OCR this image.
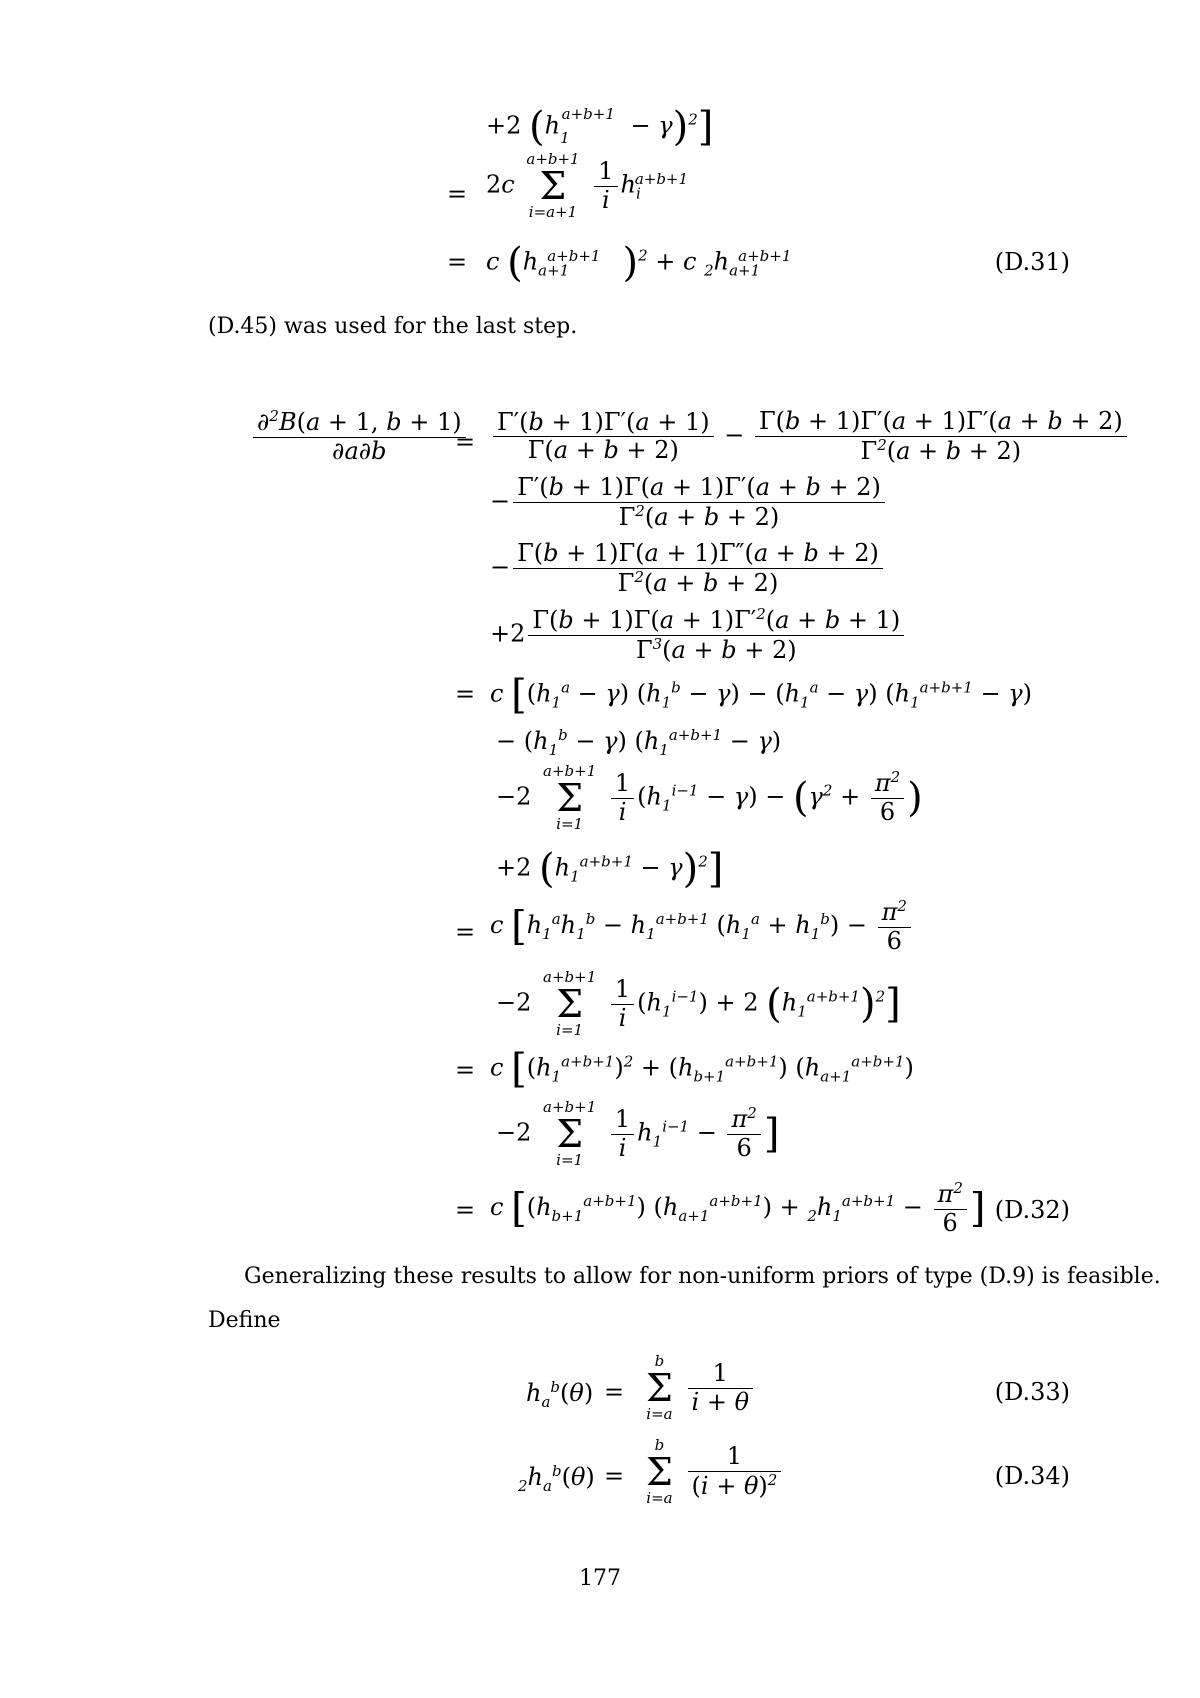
+2 $(h_1^{a+b+1} - \gamma)^2$]
= 2c
a+b+1
Σ
i=a+1
$\frac{1}{i} h_i^{a+b+1}$
= c ($h_{a+1}^{a+b+1}$ )$^2$ + c $_2h_{a+1}^{a+b+1}$	(D.31)
(D.45) was used for the last step.
$\frac{\partial^2B(a + 1, b + 1)}{\partial a\partial b}$
= $\frac{\Gamma'(b + 1)\Gamma'(a + 1)}{\Gamma(a + b + 2)} - \frac{\Gamma(b + 1)\Gamma'(a + 1)\Gamma'(a + b + 2)}{\Gamma^2(a + b + 2)}$
− $\frac{\Gamma'(b + 1)\Gamma(a + 1)\Gamma'(a + b + 2)}{\Gamma^2(a + b + 2)}$
− $\frac{\Gamma(b + 1)\Gamma(a + 1)\Gamma''(a + b + 2)}{\Gamma^2(a + b + 2)}$
$+2 \frac{\Gamma(b + 1)\Gamma(a + 1)\Gamma'^2(a + b + 1)}{\Gamma^3(a + b + 2)}$
= c [$(h_1^a - \gamma) (h_1^b - \gamma) - (h_1^a - \gamma) (h_1^{a+b+1} - \gamma)$
− $(h_1^b - \gamma) (h_1^{a+b+1} - \gamma)$
−2
a+b+1
Σ
i=1
	$\frac{1}{i} (h_1^{i-1} - \gamma) - (\gamma^2 + \frac{\pi^2}{6}$ )
+2 $(h_1^{a+b+1} - \gamma)^2$]
= c [$h_1^ah_1^b - h_1^{a+b+1}$ $(h_1^a + h_1^b) - \frac{\pi^2}{6}$
−2
a+b+1
Σ
i=1
	$\frac{1}{i} (h_1^{i-1}) + 2$ $(h_1^{a+b+1})^2$]
= c [$(h_1^{a+b+1})^2 + (h_{b+1}^{a+b+1})$ $(h_{a+1}^{a+b+1})$
−2
a+b+1
Σ
i=1
	$\frac{1}{i} h_1^{i-1} - \frac{\pi^2}{6}$ ]
= c [$(h_{b+1}^{a+b+1}) (h_{a+1}^{a+b+1}) + _2h_1^{a+b+1} - \frac{\pi^2}{6}$ ] (D.32)
Generalizing these results to allow for non-uniform priors of type (D.9) is feasible.
Define
$h_a^b(\theta)$ =
b
Σ
i=a
$\frac{1}{i + \theta}$	(D.33)
$_2h_a^b(\theta)$ =
b
Σ
i=a
$\frac{1}{(i + \theta)^2}$	(D.34)
177
